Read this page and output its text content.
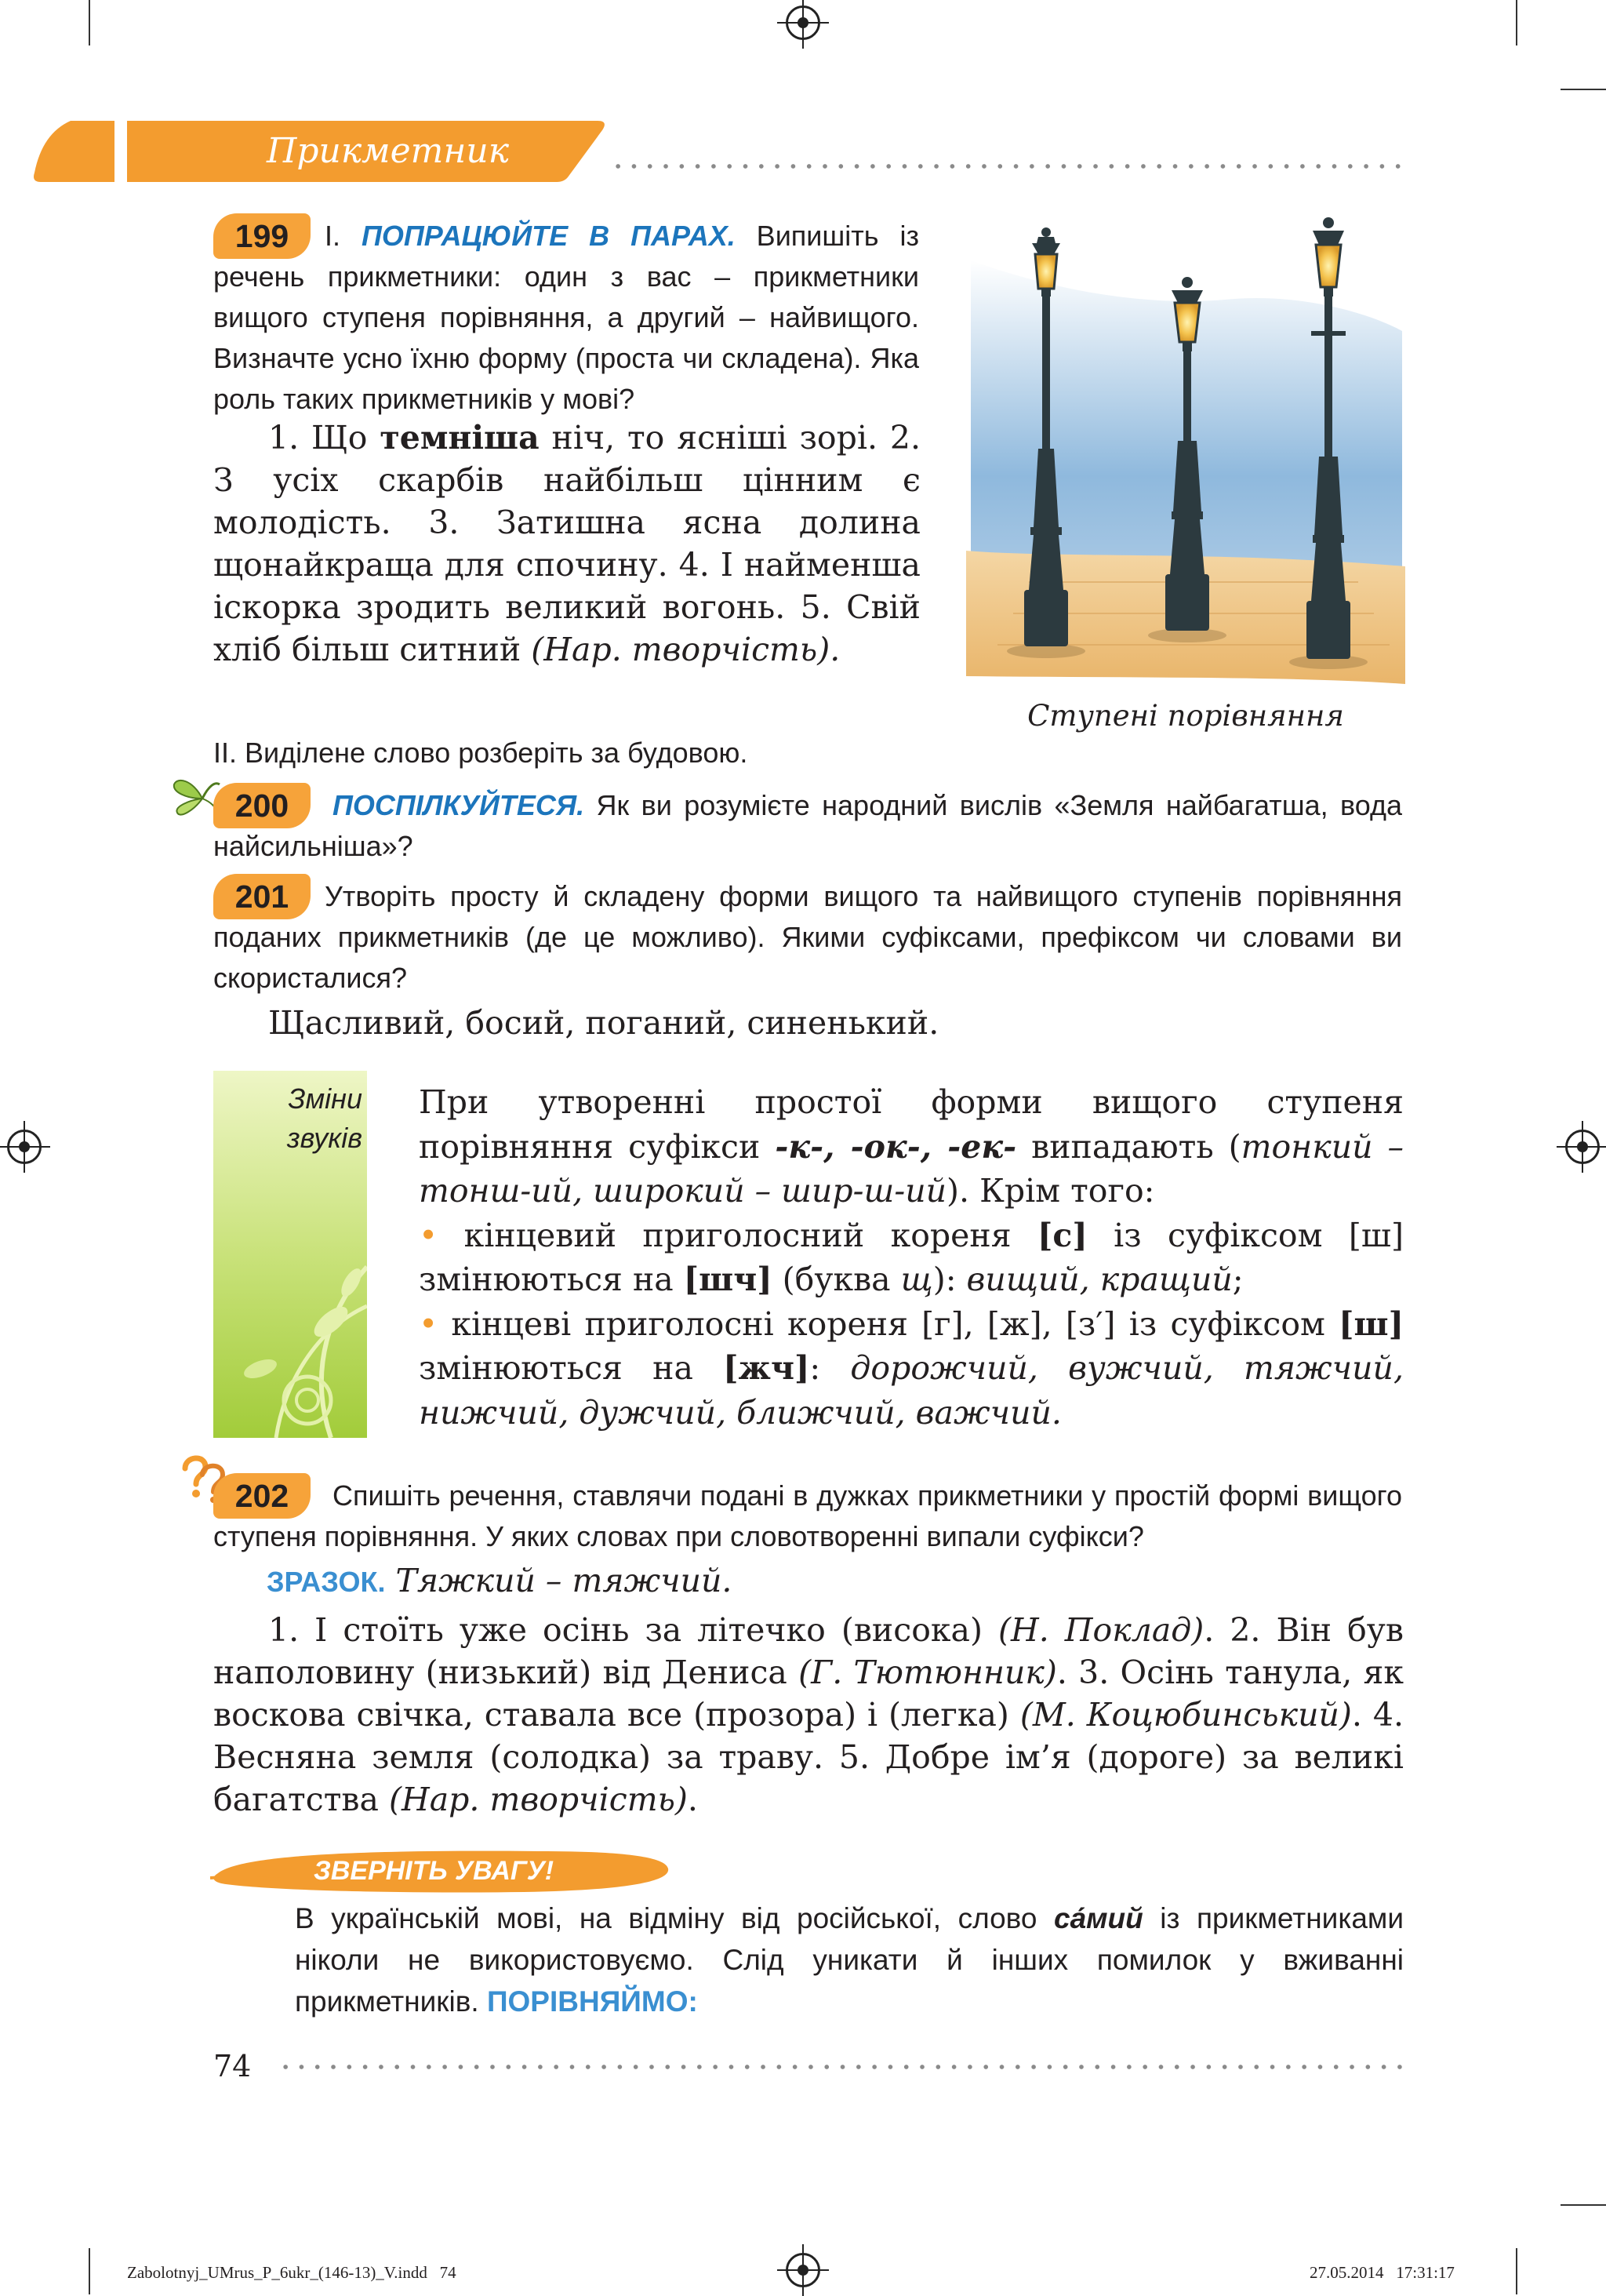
Прикметник
199	I. ПОПРАЦЮЙТЕ В ПАРАХ. Випишіть із речень прикметники: один з вас – прикметники вищого ступеня порівняння, а другий – найвищого. Визначте усно їхню форму (проста чи складена). Яка роль таких прикметників у мові?
1. Що темніша ніч, то ясніші зорі. 2. З усіх скарбів найбільш цінним є молодість. 3. Затишна ясна долина щонайкраща для спочину. 4. І найменша іскорка зродить великий вогонь. 5. Свій хліб більш ситний (Нар. творчість).
II. Виділене слово розберіть за будовою.
Ступені порівняння
200	ПОСПІЛКУЙТЕСЯ. Як ви розумієте народний вислів «Земля найбагатша, вода найсильніша»?
201	Утворіть просту й складену форми вищого та найвищого ступенів порівняння поданих прикметників (де це можливо). Якими суфіксами, префіксом чи словами ви скористалися?
Щасливий, босий, поганий, синенький.
Зміни
звуків
При утворенні простої форми вищого ступеня порівняння суфікси -к-, -ок-, -ек- випадають (тонкий – тонш-ий, широкий – шир-ш-ий). Крім того:
• кінцевий приголосний кореня [с] із суфіксом [ш] змінюються на [шч] (буква щ): вищий, кращий;
• кінцеві приголосні кореня [г], [ж], [з′] із суфіксом [ш] змінюються на [жч]: дорожчий, вужчий, тяжчий, нижчий, дужчий, ближчий, важчий.
202	Спишіть речення, ставлячи подані в дужках прикметники у простій формі вищого ступеня порівняння. У яких словах при словотворенні випали суфікси?
ЗРАЗОК. Тяжкий – тяжчий.
1. І стоїть уже осінь за літечко (висока) (Н. Поклад). 2. Він був наполовину (низький) від Дениса (Г. Тютюнник). 3. Осінь танула, як воскова свічка, ставала все (прозора) і (легка) (М. Коцюбинський). 4. Весняна земля (солодка) за траву. 5. Добре ім’я (дороге) за великі багатства (Нар. творчість).
ЗВЕРНІТЬ УВАГУ!
В українській мові, на відміну від російської, слово са́мий із прикметниками ніколи не використовуємо. Слід уникати й інших помилок у вживанні прикметників. ПОРІВНЯЙМО:
74
Zabolotnyj_UMrus_P_6ukr_(146-13)_V.indd   74	27.05.2014   17:31:17
